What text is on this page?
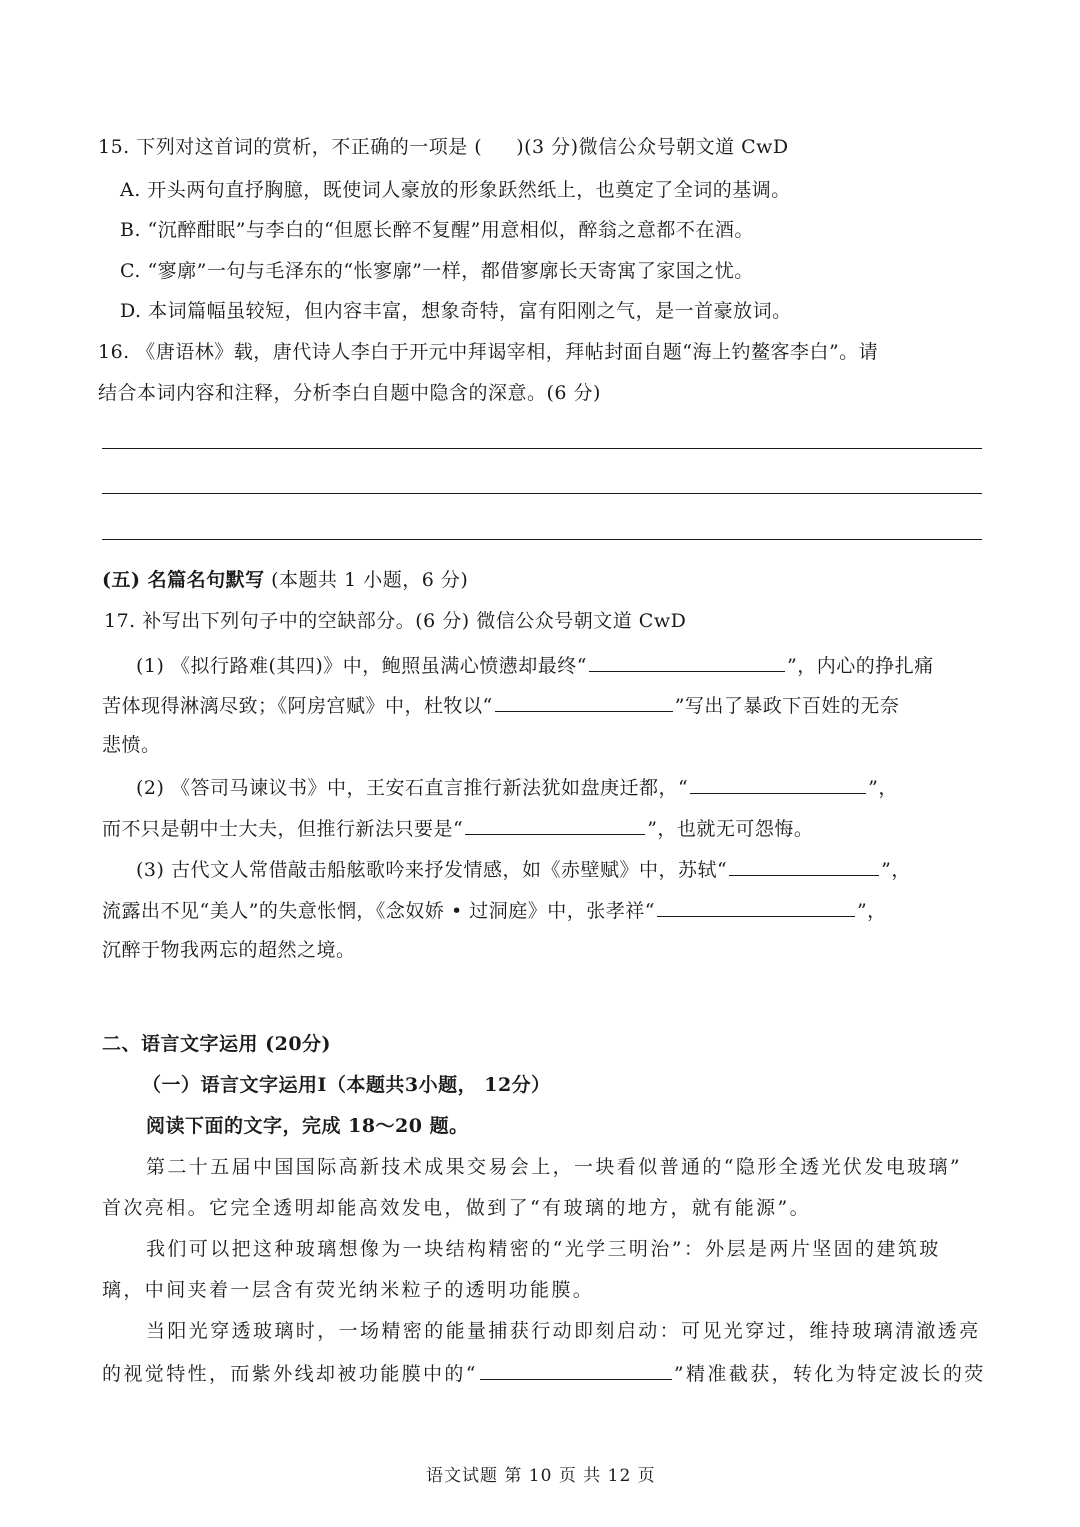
15. 下列对这首词的赏析，不正确的一项是 ( )(3 分)微信公众号朝文道 CwD
A. 开头两句直抒胸臆，既使词人豪放的形象跃然纸上，也奠定了全词的基调。
B. “沉醉酣眠”与李白的“但愿长醉不复醒”用意相似，醉翁之意都不在酒。
C. “寥廓”一句与毛泽东的“怅寥廓”一样，都借寥廓长天寄寓了家国之忧。
D. 本词篇幅虽较短，但内容丰富，想象奇特，富有阳刚之气，是一首豪放词。
16. 《唐语林》载，唐代诗人李白于开元中拜谒宰相，拜帖封面自题“海上钓鳌客李白”。请
结合本词内容和注释，分析李白自题中隐含的深意。(6 分)
(五) 名篇名句默写 (本题共 1 小题，6 分)
17. 补写出下列句子中的空缺部分。(6 分) 微信公众号朝文道 CwD
(1) 《拟行路难(其四)》中，鲍照虽满心愤懑却最终“	”，内心的挣扎痛
苦体现得淋漓尽致；《阿房宫赋》中，杜牧以“	”写出了暴政下百姓的无奈
悲愤。
(2) 《答司马谏议书》中，王安石直言推行新法犹如盘庚迁都，“	”，
而不只是朝中士大夫，但推行新法只要是“	”，也就无可怨悔。
(3) 古代文人常借敲击船舷歌吟来抒发情感，如《赤壁赋》中，苏轼“	”，
流露出不见“美人”的失意怅惘，《念奴娇 • 过洞庭》中，张孝祥“	”，
沉醉于物我两忘的超然之境。
二、语言文字运用 (20分)
（一）语言文字运用Ⅰ（本题共3小题， 12分）
阅读下面的文字，完成 18～20 题。
第二十五届中国国际高新技术成果交易会上，一块看似普通的“隐形全透光伏发电玻璃”
首次亮相。它完全透明却能高效发电，做到了“有玻璃的地方，就有能源”。
我们可以把这种玻璃想像为一块结构精密的“光学三明治”：外层是两片坚固的建筑玻
璃，中间夹着一层含有荧光纳米粒子的透明功能膜。
当阳光穿透玻璃时，一场精密的能量捕获行动即刻启动：可见光穿过，维持玻璃清澈透亮
的视觉特性，而紫外线却被功能膜中的“	”精准截获，转化为特定波长的荧
语文试题 第 10 页 共 12 页
